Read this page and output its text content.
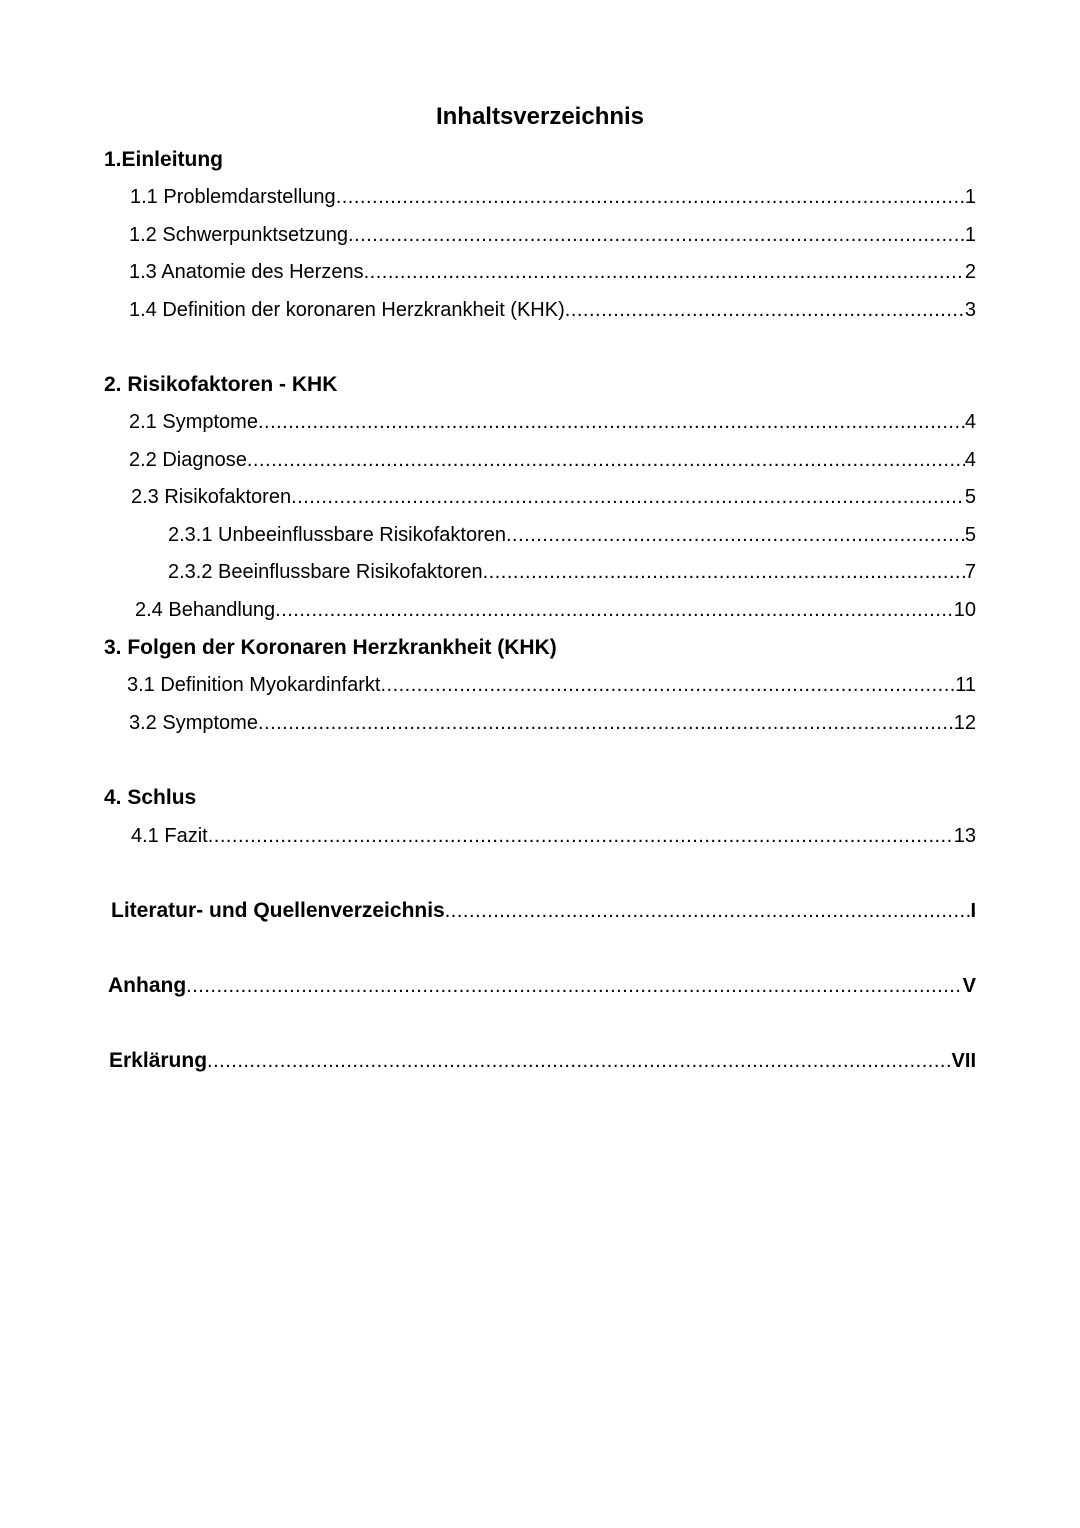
Inhaltsverzeichnis
1.Einleitung
1.1 Problemdarstellung .....	1
1.2 Schwerpunktsetzung .....	1
1.3 Anatomie des Herzens .....	2
1.4 Definition der koronaren Herzkrankheit (KHK) .....	3
2. Risikofaktoren - KHK
2.1 Symptome .....	4
2.2 Diagnose .....	4
2.3 Risikofaktoren .....	5
2.3.1 Unbeeinflussbare Risikofaktoren .....	5
2.3.2 Beeinflussbare Risikofaktoren .....	7
2.4 Behandlung .....	10
3. Folgen der Koronaren Herzkrankheit (KHK)
3.1 Definition Myokardinfarkt .....	11
3.2 Symptome .....	12
4. Schlus
4.1 Fazit .....	13
Literatur- und Quellenverzeichnis .....	I
Anhang .....	V
Erklärung .....	VII
